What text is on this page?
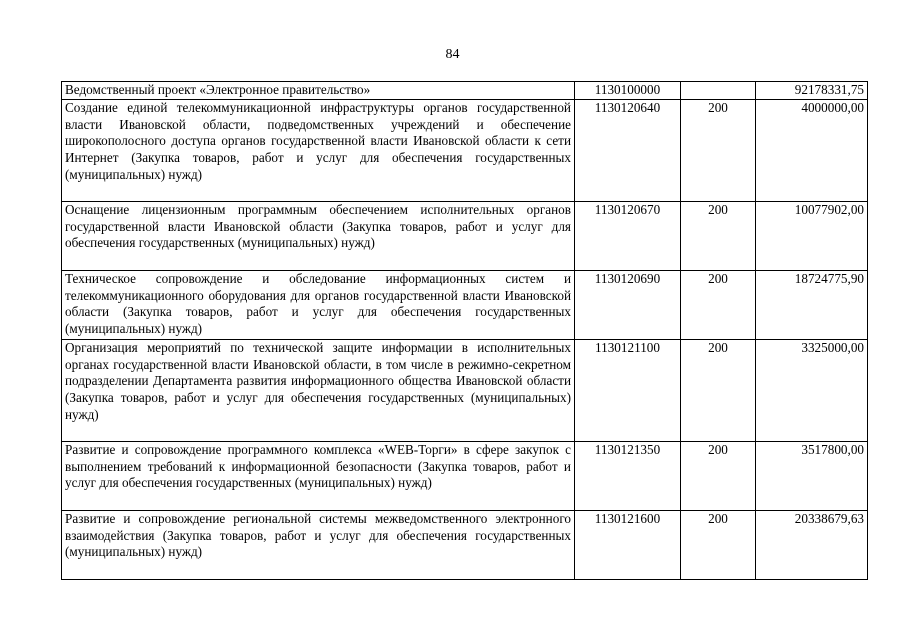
84
Ведомственный проект «Электронное правительство»	1130100000		92178331,75
Создание единой телекоммуникационной инфраструктуры органов государственной власти Ивановской области, подведомственных учреждений и обеспечение широкополосного доступа органов государственной власти Ивановской области к сети Интернет (Закупка товаров, работ и услуг для обеспечения государственных (муниципальных) нужд)	1130120640	200	4000000,00
Оснащение лицензионным программным обеспечением исполнительных органов государственной власти Ивановской области (Закупка товаров, работ и услуг для обеспечения государственных (муниципальных) нужд)	1130120670	200	10077902,00
Техническое сопровождение и обследование информационных систем и телекоммуникационного оборудования для органов государственной власти Ивановской области (Закупка товаров, работ и услуг для обеспечения государственных (муниципальных) нужд)	1130120690	200	18724775,90
Организация мероприятий по технической защите информации в исполнительных органах государственной власти Ивановской области, в том числе в режимно-секретном подразделении Департамента развития информационного общества Ивановской области (Закупка товаров, работ и услуг для обеспечения государственных (муниципальных) нужд)	1130121100	200	3325000,00
Развитие и сопровождение программного комплекса «WEB-Торги» в сфере закупок с выполнением требований к информационной безопасности (Закупка товаров, работ и услуг для обеспечения государственных (муниципальных) нужд)	1130121350	200	3517800,00
Развитие и сопровождение региональной системы межведомственного электронного взаимодействия (Закупка товаров, работ и услуг для обеспечения государственных (муниципальных) нужд)	1130121600	200	20338679,63
